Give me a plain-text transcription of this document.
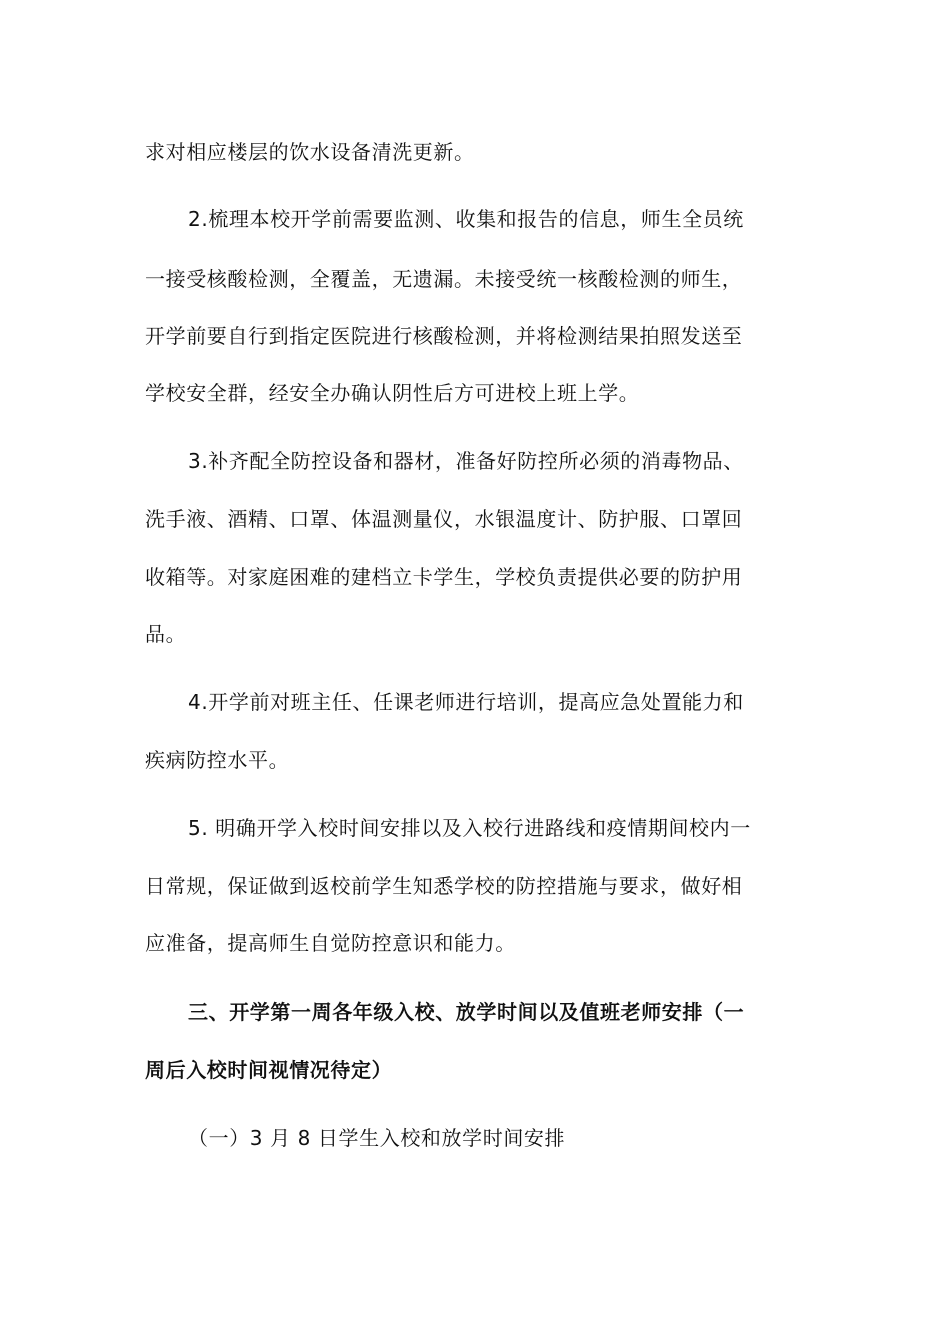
求对相应楼层的饮水设备清洗更新。
2.梳理本校开学前需要监测、收集和报告的信息，师生全员统
一接受核酸检测，全覆盖，无遗漏。未接受统一核酸检测的师生，
开学前要自行到指定医院进行核酸检测，并将检测结果拍照发送至
学校安全群，经安全办确认阴性后方可进校上班上学。
3.补齐配全防控设备和器材，准备好防控所必须的消毒物品、
洗手液、酒精、口罩、体温测量仪，水银温度计、防护服、口罩回
收箱等。对家庭困难的建档立卡学生，学校负责提供必要的防护用
品。
4.开学前对班主任、任课老师进行培训，提高应急处置能力和
疾病防控水平。
5. 明确开学入校时间安排以及入校行进路线和疫情期间校内一
日常规，保证做到返校前学生知悉学校的防控措施与要求，做好相
应准备，提高师生自觉防控意识和能力。
三、开学第一周各年级入校、放学时间以及值班老师安排（一
周后入校时间视情况待定）
（一）3 月 8 日学生入校和放学时间安排
